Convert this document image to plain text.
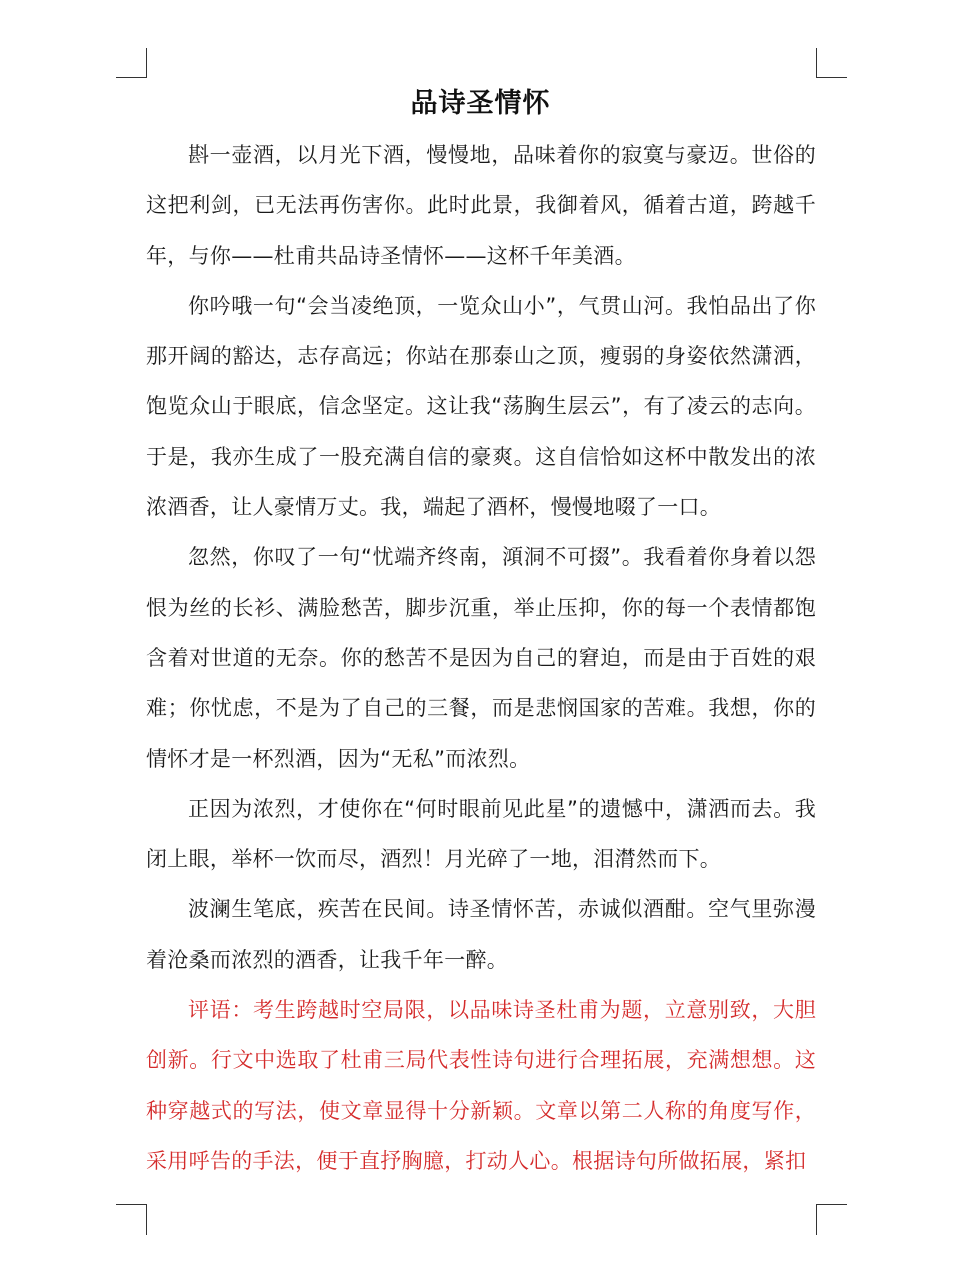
品诗圣情怀

斟一壶酒，以月光下酒，慢慢地，品味着你的寂寞与豪迈。世俗的这把利剑，已无法再伤害你。此时此景，我御着风，循着古道，跨越千年，与你——杜甫共品诗圣情怀——这杯千年美酒。

你吟哦一句“会当凌绝顶，一览众山小”，气贯山河。我怕品出了你那开阔的豁达，志存高远；你站在那泰山之顶，瘦弱的身姿依然潇洒，饱览众山于眼底，信念坚定。这让我“荡胸生层云”，有了凌云的志向。于是，我亦生成了一股充满自信的豪爽。这自信恰如这杯中散发出的浓浓酒香，让人豪情万丈。我，端起了酒杯，慢慢地啜了一口。

忽然，你叹了一句“忧端齐终南，澒洞不可掇”。我看着你身着以怨恨为丝的长衫、满脸愁苦，脚步沉重，举止压抑，你的每一个表情都饱含着对世道的无奈。你的愁苦不是因为自己的窘迫，而是由于百姓的艰难；你忧虑，不是为了自己的三餐，而是悲悯国家的苦难。我想，你的情怀才是一杯烈酒，因为“无私”而浓烈。

正因为浓烈，才使你在“何时眼前见此星”的遗憾中，潇洒而去。我闭上眼，举杯一饮而尽，酒烈！月光碎了一地，泪潸然而下。

波澜生笔底，疾苦在民间。诗圣情怀苦，赤诚似酒酣。空气里弥漫着沧桑而浓烈的酒香，让我千年一醉。

评语：考生跨越时空局限，以品味诗圣杜甫为题，立意别致，大胆创新。行文中选取了杜甫三局代表性诗句进行合理拓展，充满想想。这种穿越式的写法，使文章显得十分新颖。文章以第二人称的角度写作，采用呼告的手法，便于直抒胸臆，打动人心。根据诗句所做拓展，紧扣
